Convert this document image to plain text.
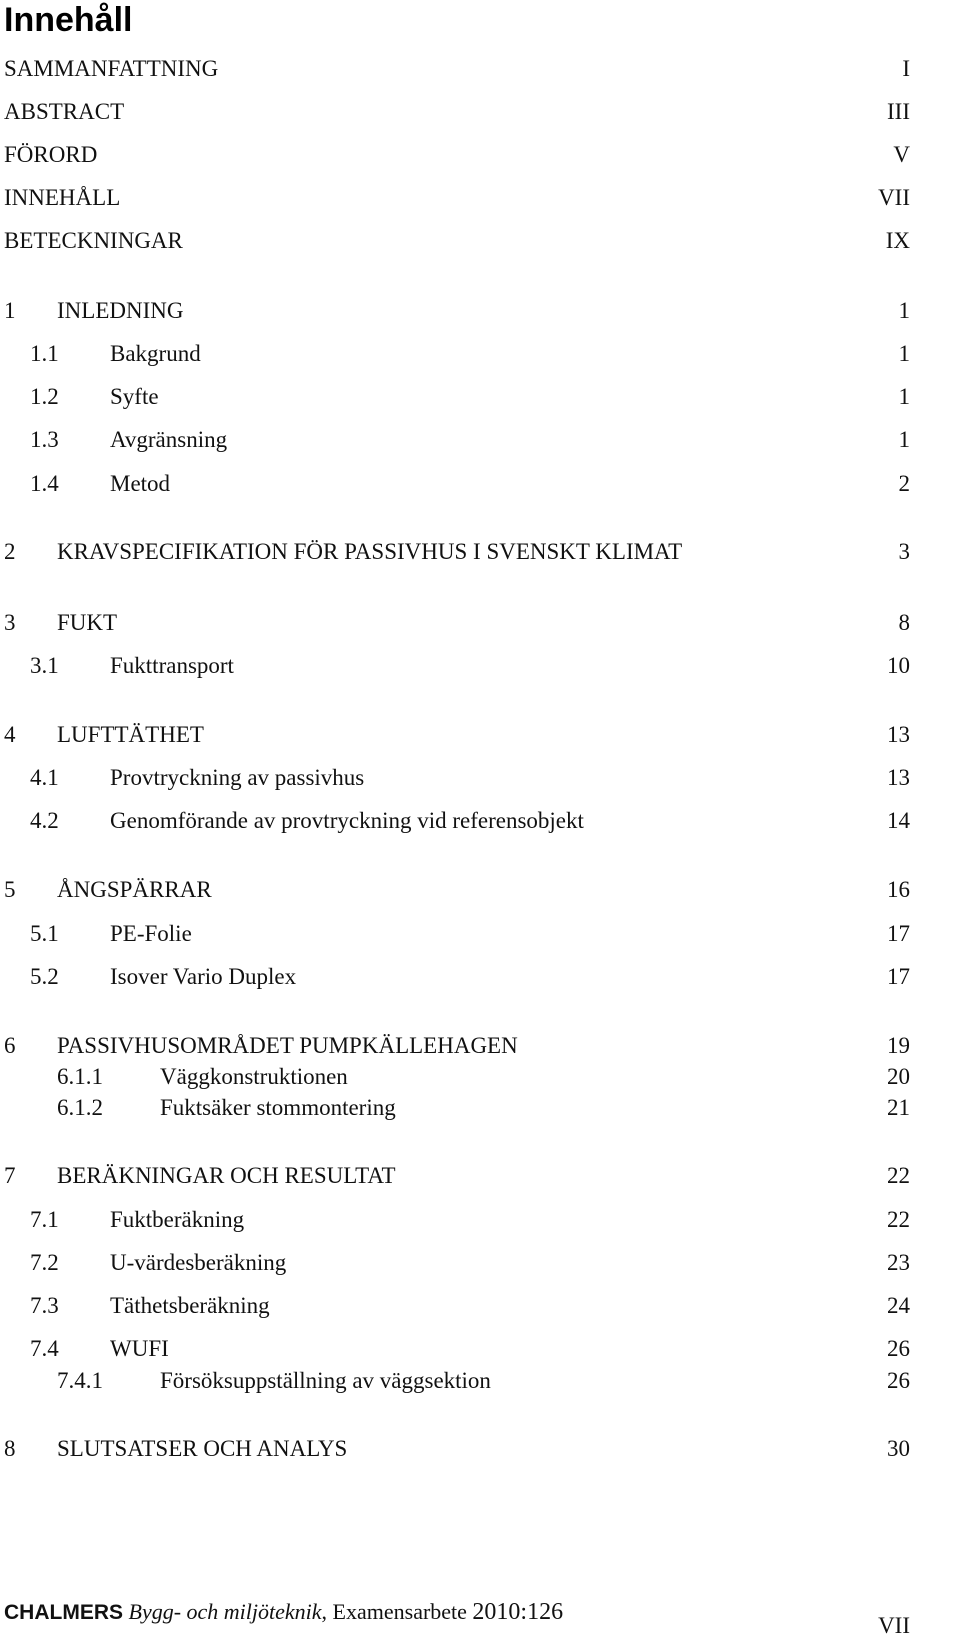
Innehåll
SAMMANFATTNING	I
ABSTRACT	III
FÖRORD	V
INNEHÅLL	VII
BETECKNINGAR	IX
1 INLEDNING	1
1.1 Bakgrund	1
1.2 Syfte	1
1.3 Avgränsning	1
1.4 Metod	2
2 KRAVSPECIFIKATION FÖR PASSIVHUS I SVENSKT KLIMAT	3
3 FUKT	8
3.1 Fukttransport	10
4 LUFTTÄTHET	13
4.1 Provtryckning av passivhus	13
4.2 Genomförande av provtryckning vid referensobjekt	14
5 ÅNGSPÄRRAR	16
5.1 PE-Folie	17
5.2 Isover Vario Duplex	17
6 PASSIVHUSOMRÅDET PUMPKÄLLEHAGEN	19
6.1.1 Väggkonstruktionen	20
6.1.2 Fuktsäker stommontering	21
7 BERÄKNINGAR OCH RESULTAT	22
7.1 Fuktberäkning	22
7.2 U-värdesberäkning	23
7.3 Täthetsberäkning	24
7.4 WUFI	26
7.4.1 Försöksuppställning av väggsektion	26
8 SLUTSATSER OCH ANALYS	30
CHALMERS Bygg- och miljöteknik, Examensarbete 2010:126
VII
